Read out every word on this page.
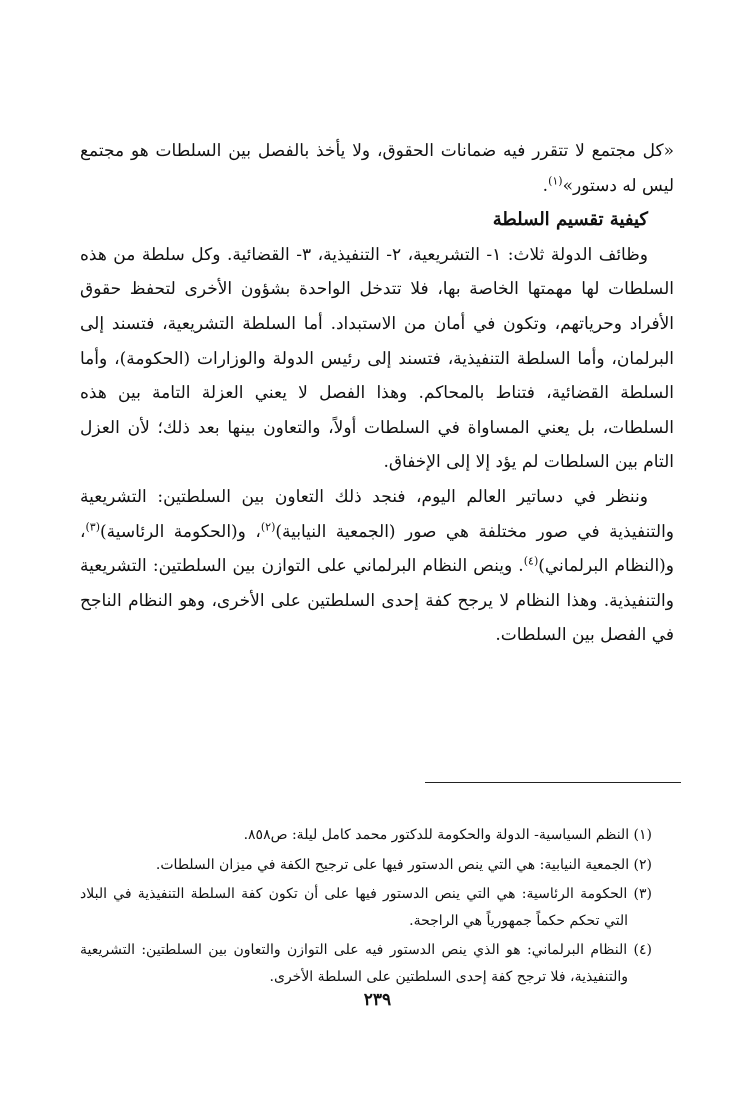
«كل مجتمع لا تتقرر فيه ضمانات الحقوق، ولا يأخذ بالفصل بين السلطات هو مجتمع ليس له دستور»$^{(١)}$.

كيفية تقسيم السلطة

وظائف الدولة ثلاث: ١- التشريعية، ٢- التنفيذية، ٣- القضائية. وكل سلطة من هذه السلطات لها مهمتها الخاصة بها، فلا تتدخل الواحدة بشؤون الأخرى لتحفظ حقوق الأفراد وحرياتهم، وتكون في أمان من الاستبداد. أما السلطة التشريعية، فتسند إلى البرلمان، وأما السلطة التنفيذية، فتسند إلى رئيس الدولة والوزارات (الحكومة)، وأما السلطة القضائية، فتناط بالمحاكم. وهذا الفصل لا يعني العزلة التامة بين هذه السلطات، بل يعني المساواة في السلطات أولاً، والتعاون بينها بعد ذلك؛ لأن العزل التام بين السلطات لم يؤد إلا إلى الإخفاق.

وننظر في دساتير العالم اليوم، فنجد ذلك التعاون بين السلطتين: التشريعية والتنفيذية في صور مختلفة هي صور (الجمعية النيابية)$^{(٢)}$، و(الحكومة الرئاسية)$^{(٣)}$، و(النظام البرلماني)$^{(٤)}$. وينص النظام البرلماني على التوازن بين السلطتين: التشريعية والتنفيذية. وهذا النظام لا يرجح كفة إحدى السلطتين على الأخرى، وهو النظام الناجح في الفصل بين السلطات.

(١) النظم السياسية- الدولة والحكومة للدكتور محمد كامل ليلة: ص٨٥٨.

(٢) الجمعية النيابية: هي التي ينص الدستور فيها على ترجيح الكفة في ميزان السلطات.

(٣) الحكومة الرئاسية: هي التي ينص الدستور فيها على أن تكون كفة السلطة التنفيذية في البلاد التي تحكم حكماً جمهورياً هي الراجحة.

(٤) النظام البرلماني: هو الذي ينص الدستور فيه على التوازن والتعاون بين السلطتين: التشريعية والتنفيذية، فلا ترجح كفة إحدى السلطتين على السلطة الأخرى.

٢٣٩
